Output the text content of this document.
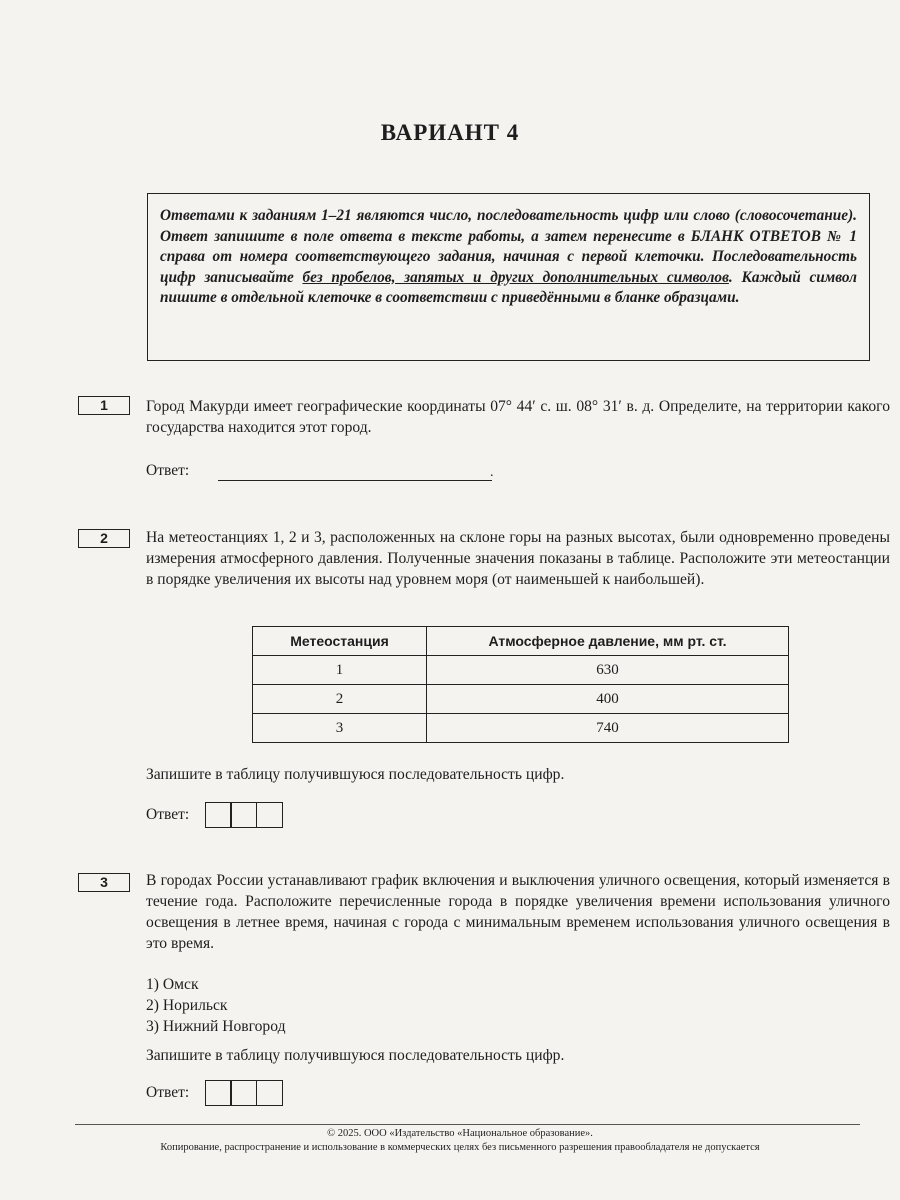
ВАРИАНТ 4
Ответами к заданиям 1–21 являются число, последовательность цифр или слово (словосочетание). Ответ запишите в поле ответа в тексте работы, а затем перенесите в БЛАНК ОТВЕТОВ № 1 справа от номера соответствующего задания, начиная с первой клеточки. Последовательность цифр записывайте без пробелов, запятых и других дополнительных символов. Каждый символ пишите в отдельной клеточке в соответствии с приведёнными в бланке образцами.
1	Город Макурди имеет географические координаты 07° 44′ с. ш. 08° 31′ в. д. Определите, на территории какого государства находится этот город.
Ответ:	.
2	На метеостанциях 1, 2 и 3, расположенных на склоне горы на разных высотах, были одновременно проведены измерения атмосферного давления. Полученные значения показаны в таблице. Расположите эти метеостанции в порядке увеличения их высоты над уровнем моря (от наименьшей к наибольшей).
Метеостанция	Атмосферное давление, мм рт. ст.
1	630
2	400
3	740
Запишите в таблицу получившуюся последовательность цифр.
Ответ:
3	В городах России устанавливают график включения и выключения уличного освещения, который изменяется в течение года. Расположите перечисленные города в порядке увеличения времени использования уличного освещения в летнее время, начиная с города с минимальным временем использования уличного освещения в это время.
1) Омск
2) Норильск
3) Нижний Новгород
Запишите в таблицу получившуюся последовательность цифр.
Ответ:
© 2025. ООО «Издательство «Национальное образование».
Копирование, распространение и использование в коммерческих целях без письменного разрешения правообладателя не допускается
